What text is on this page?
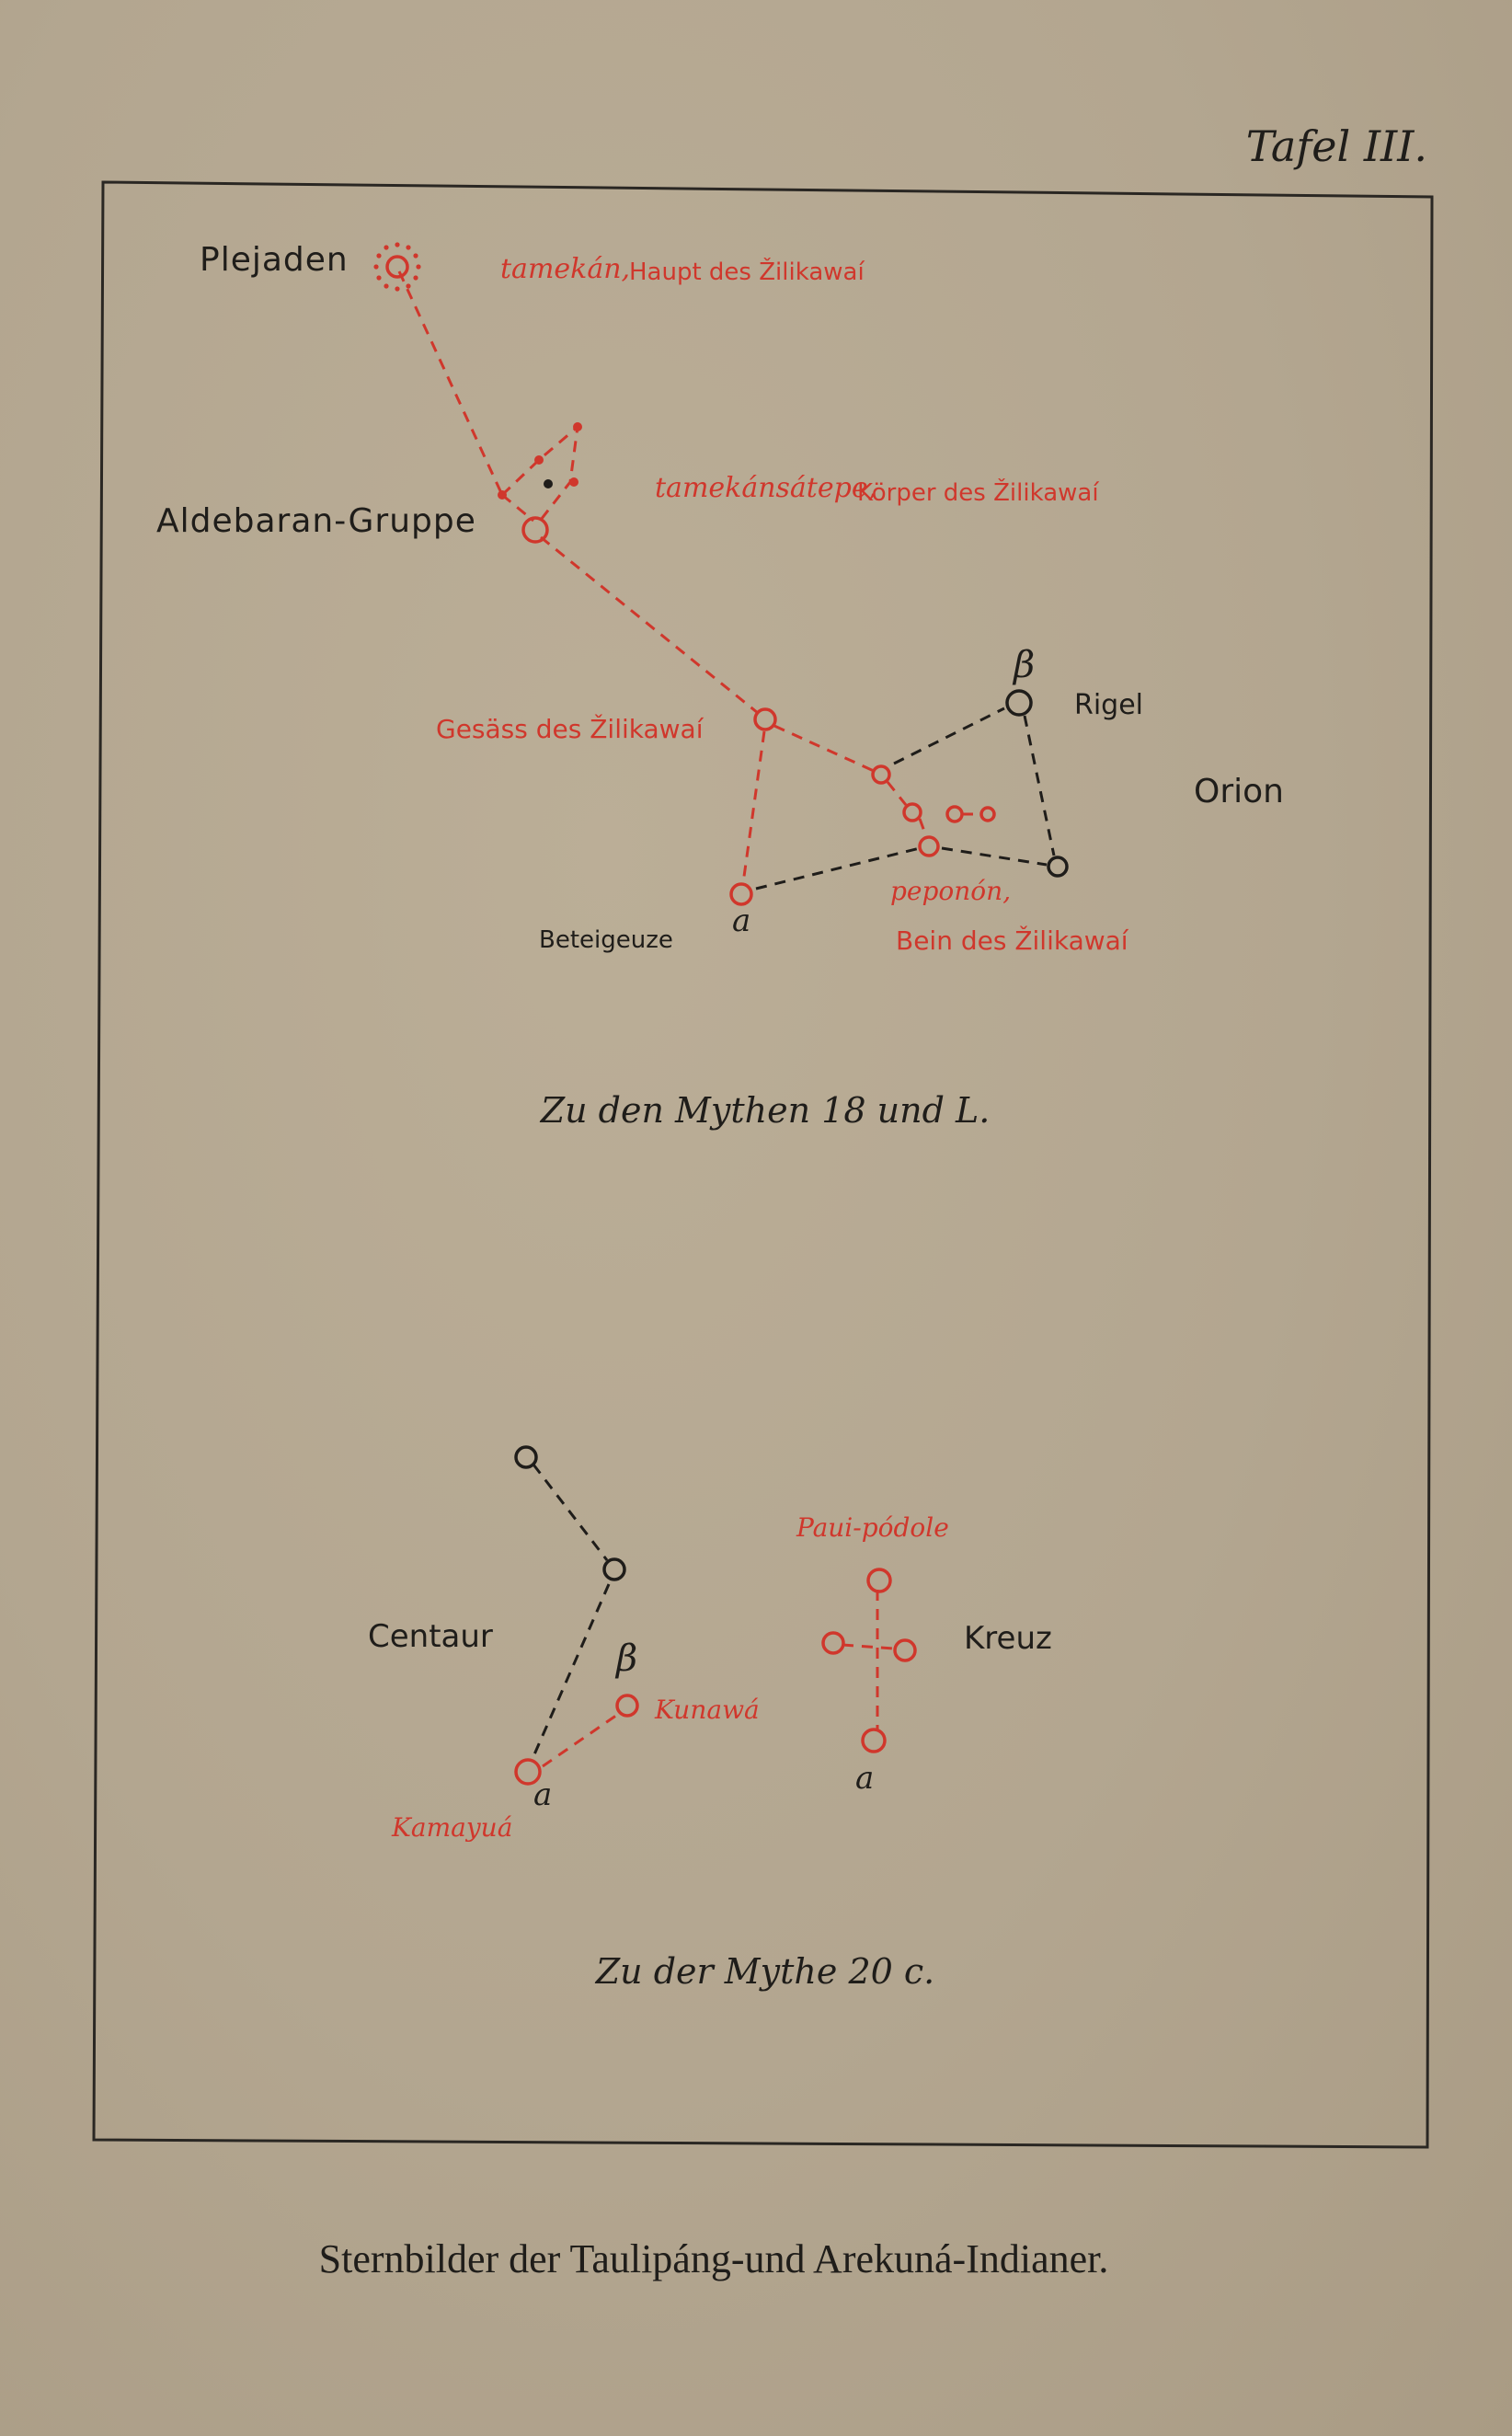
Tafel III.
Plejaden	tamekán,
Haupt des Žilikawaí
Aldebaran-Gruppe
tamekánsátepe,
Körper des Žilikawaí
β
Rigel
Orion
Gesäss des Žilikawaí
Beteigeuze
a
peponón,
Bein des Žilikawaí
Zu den Mythen 18 und L.
Centaur
β
Kunawá
a
Kamayuá
Paui-pódole
Kreuz
a
Zu der Mythe 20 c.
Sternbilder der Taulipáng-und Arekuná-Indianer.
